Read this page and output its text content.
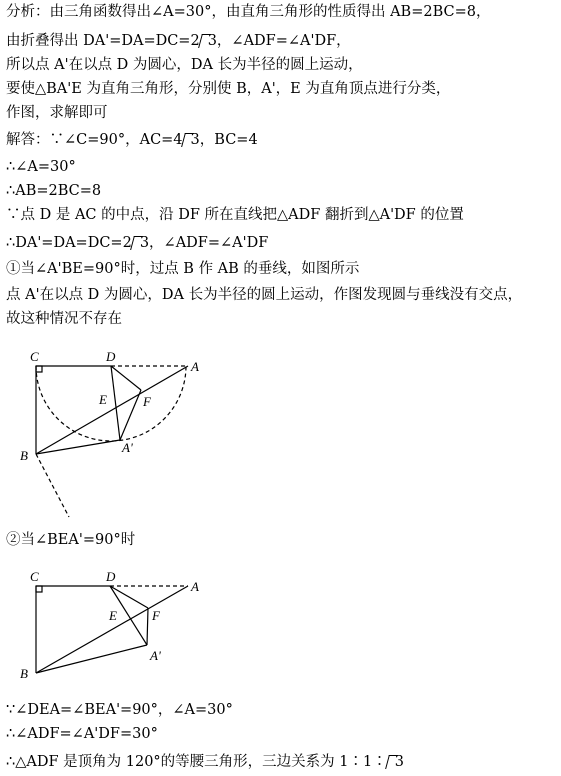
分析：由三角函数得出∠A=30°，由直角三角形的性质得出 AB=2BC=8，
由折叠得出 DA'=DA=DC=2 3，∠ADF=∠A'DF，
所以点 A'在以点 D 为圆心，DA 长为半径的圆上运动，
要使△BA'E 为直角三角形，分别使 B，A'，E 为直角顶点进行分类，
作图，求解即可
解答：∵∠C=90°，AC=4 3，BC=4
∴∠A=30°
∴AB=2BC=8
∵点 D 是 AC 的中点，沿 DF 所在直线把△ADF 翻折到△A'DF 的位置
∴DA'=DA=DC=2 3，∠ADF=∠A'DF
①当∠A'BE=90°时，过点 B 作 AB 的垂线，如图所示
点 A'在以点 D 为圆心，DA 长为半径的圆上运动，作图发现圆与垂线没有交点，
故这种情况不存在
②当∠BEA'=90°时
∵∠DEA=∠BEA'=90°，∠A=30°
∴∠ADF=∠A'DF=30°
∴△ADF 是顶角为 120°的等腰三角形，三边关系为 1∶1∶ 3
C	D
A
E	F
B
A'
C	D
A
E	F
B
A'
